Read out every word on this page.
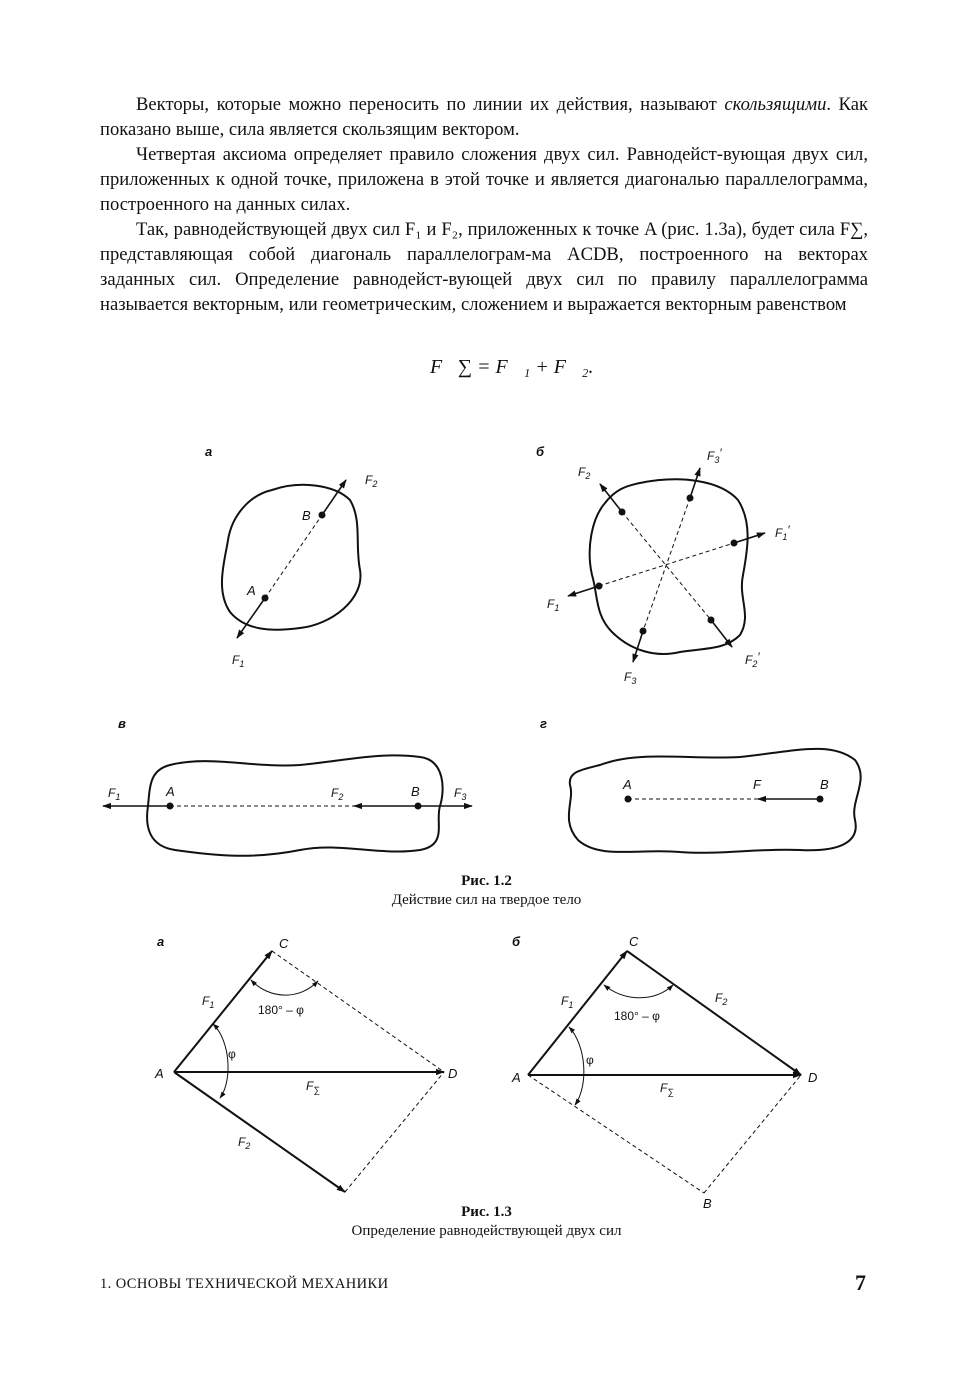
Векторы, которые можно переносить по линии их действия, называют скользящими. Как показано выше, сила является скользящим вектором.

Четвертая аксиома определяет правило сложения двух сил. Равнодейст-вующая двух сил, приложенных к одной точке, приложена в этой точке и является диагональю параллелограмма, построенного на данных силах.

Так, равнодействующей двух сил F₁ и F₂, приложенных к точке A (рис. 1.3а), будет сила F∑, представляющая собой диагональ параллелограм-ма ACDB, построенного на векторах заданных сил. Определение равнодейст-вующей двух сил по правилу параллелограмма называется векторным, или геометрическим, сложением и выражается векторным равенством

F⃗∑ = F⃗₁ + F⃗₂.
а
B
A
$F_2$
$F_1$
б
$F_2$
$F_3'$
$F_1'$
$F_1$
$F_2'$
$F_3$
в
$F_1$	A	$F_2$	B	$F_3$
г
A	F	B
а
A
C
D
$F_1$
$F_2$
$F_\sum$
φ
180° – φ
б
A
C
D
B
$F_1$	$F_2$
$F_\sum$
φ
180° – φ
Рис. 1.2
Действие сил на твердое тело
Рис. 1.3
Определение равнодействующей двух сил
1. ОСНОВЫ ТЕХНИЧЕСКОЙ МЕХАНИКИ	7
